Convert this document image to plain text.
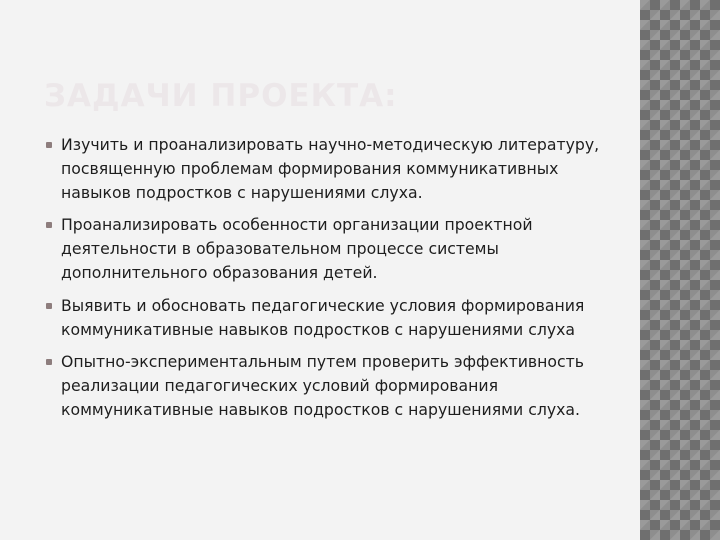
ЗАДАЧИ ПРОЕКТА:
Изучить и проанализировать научно-методическую литературу, посвященную проблемам формирования коммуникативных навыков подростков с нарушениями слуха.
Проанализировать особенности организации проектной деятельности в образовательном процессе системы дополнительного образования детей.
Выявить и обосновать педагогические условия формирования коммуникативные навыков подростков с нарушениями слуха
Опытно-экспериментальным путем проверить эффективность реализации педагогических условий формирования коммуникативные навыков подростков с нарушениями слуха.
